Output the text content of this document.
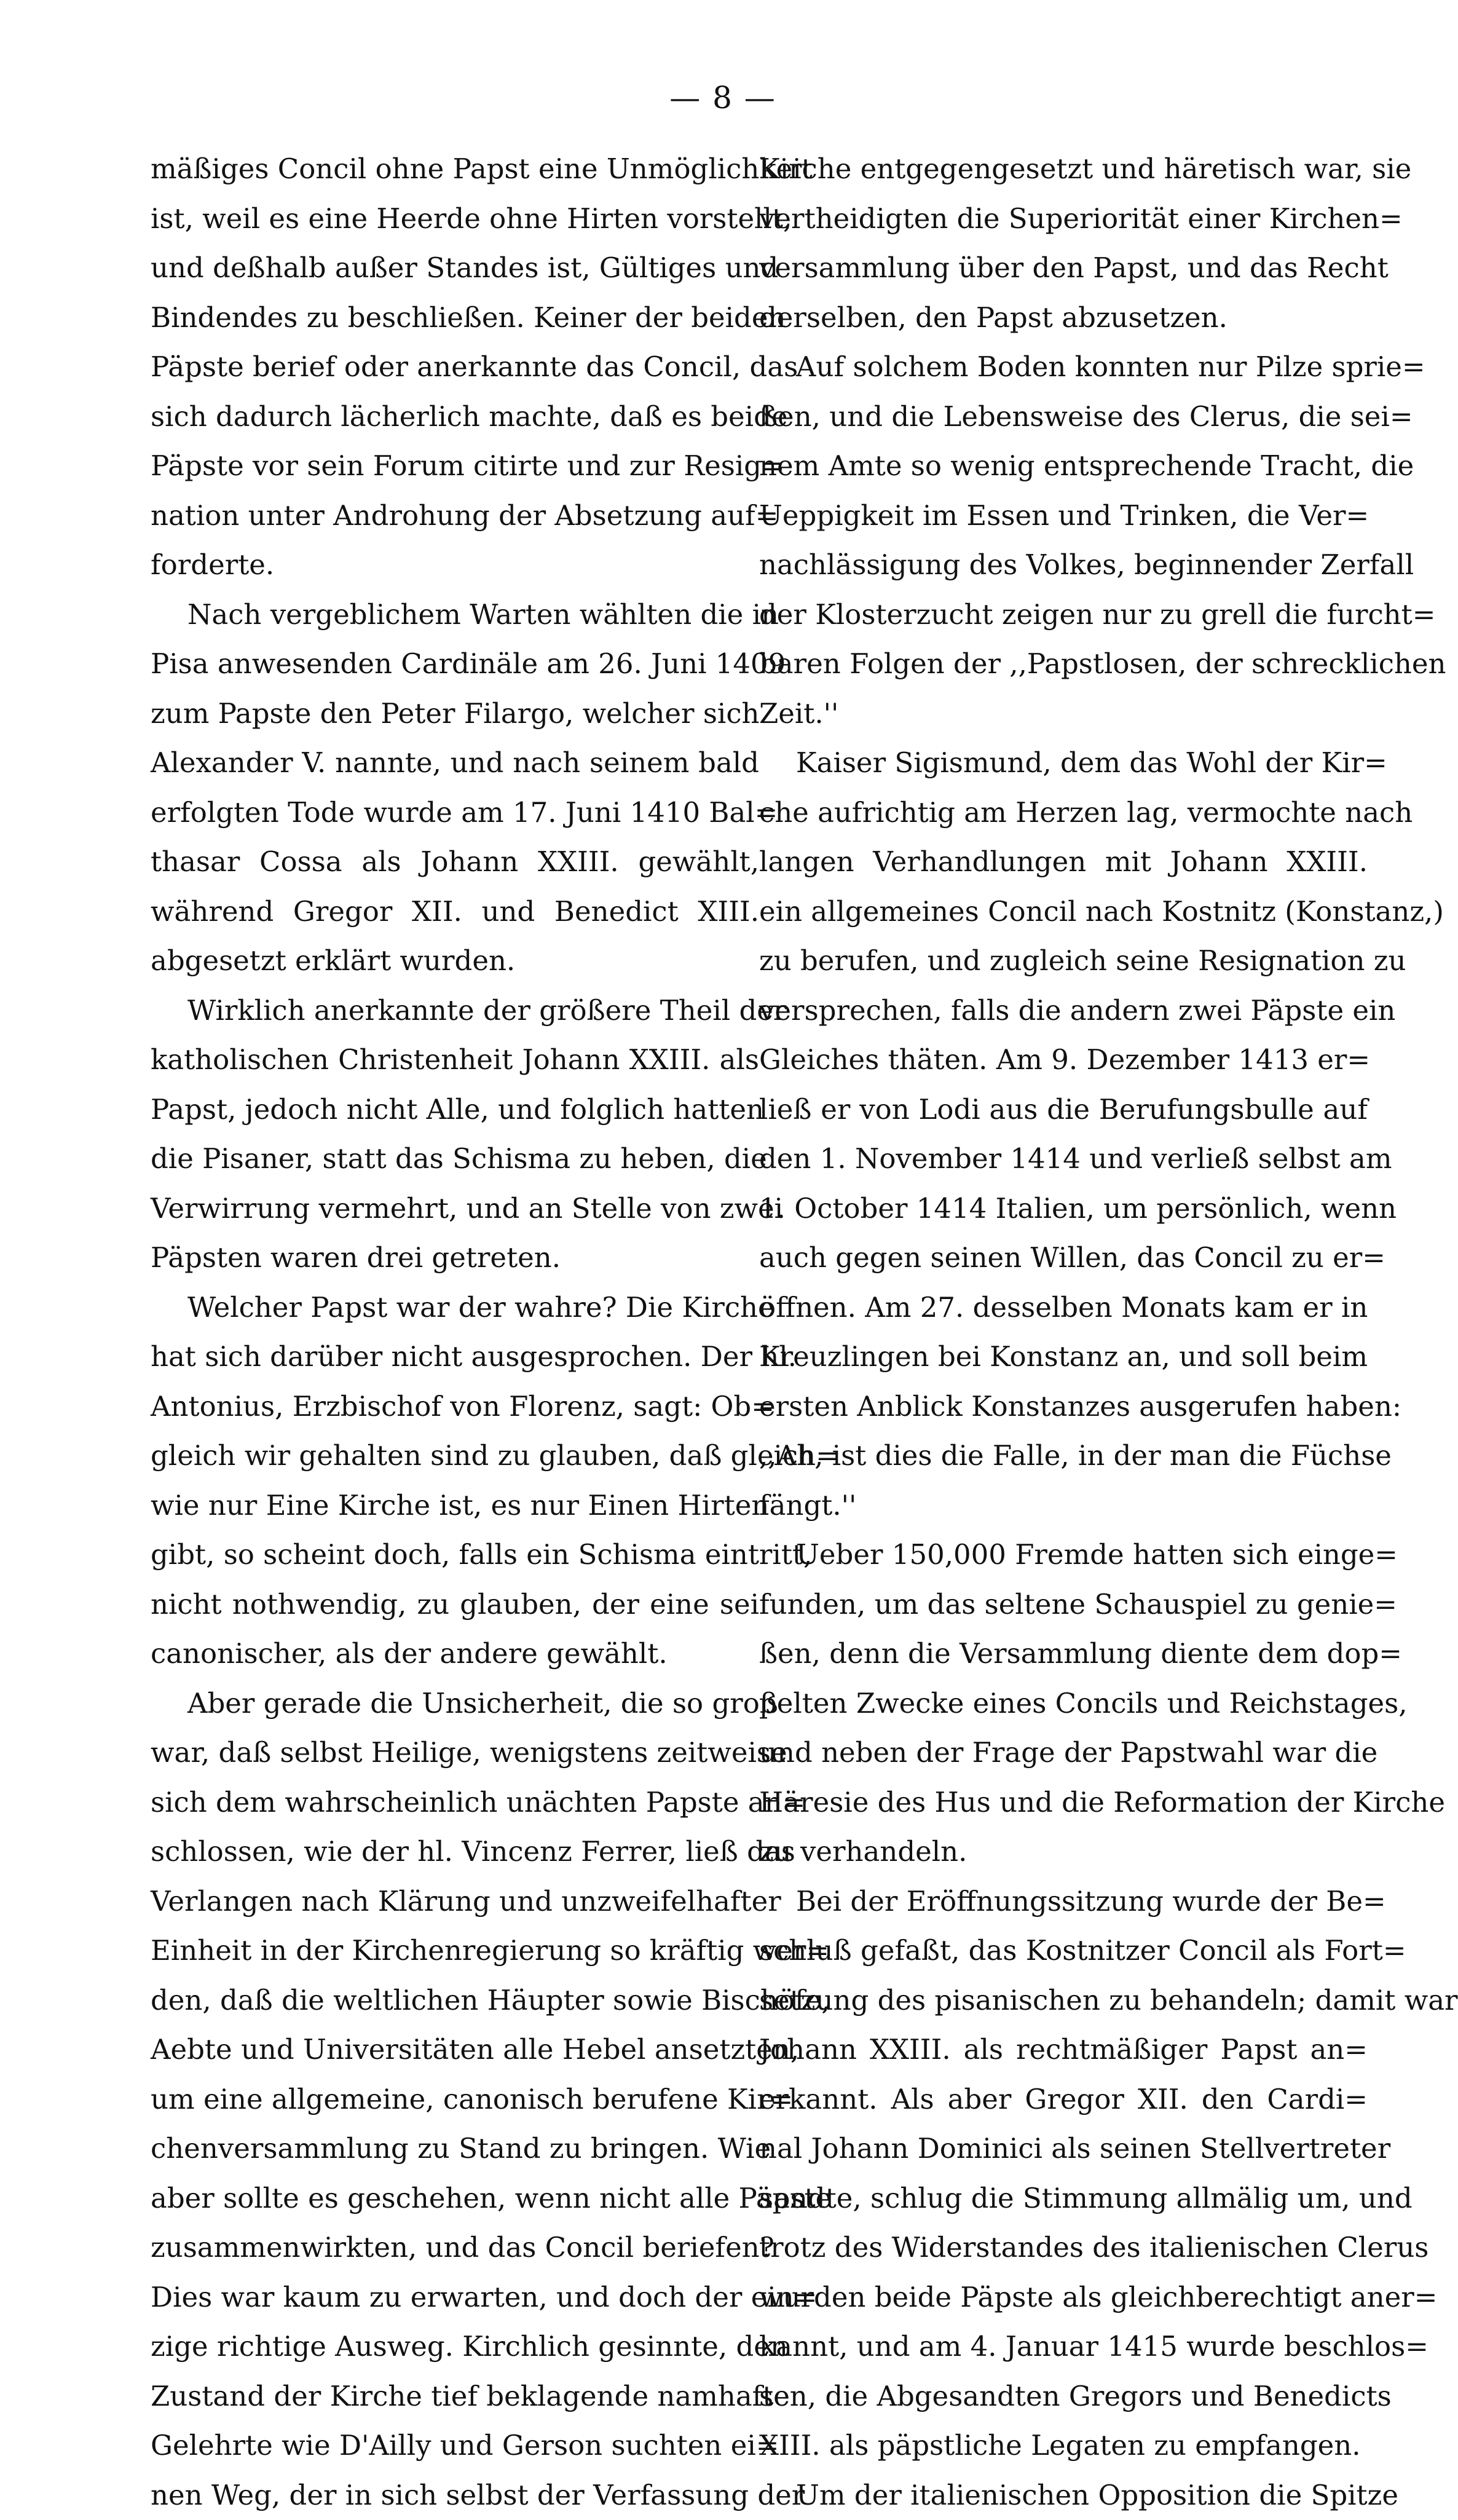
— 8 —
mäßiges Concil ohne Papst eine Unmöglichkeit
ist, weil es eine Heerde ohne Hirten vorstellt,
und deßhalb außer Standes ist, Gültiges und
Bindendes zu beschließen. Keiner der beiden
Päpste berief oder anerkannte das Concil, das
sich dadurch lächerlich machte, daß es beide
Päpste vor sein Forum citirte und zur Resig=
nation unter Androhung der Absetzung auf=
forderte.
Nach vergeblichem Warten wählten die in
Pisa anwesenden Cardinäle am 26. Juni 1409
zum Papste den Peter Filargo, welcher sich
Alexander V. nannte, und nach seinem bald
erfolgten Tode wurde am 17. Juni 1410 Bal=
thasar Cossa als Johann XXIII. gewählt,
während Gregor XII. und Benedict XIII.
abgesetzt erklärt wurden.
Wirklich anerkannte der größere Theil der
katholischen Christenheit Johann XXIII. als
Papst, jedoch nicht Alle, und folglich hatten
die Pisaner, statt das Schisma zu heben, die
Verwirrung vermehrt, und an Stelle von zwei
Päpsten waren drei getreten.
Welcher Papst war der wahre? Die Kirche
hat sich darüber nicht ausgesprochen. Der hl.
Antonius, Erzbischof von Florenz, sagt: Ob=
gleich wir gehalten sind zu glauben, daß gleich=
wie nur Eine Kirche ist, es nur Einen Hirten
gibt, so scheint doch, falls ein Schisma eintritt,
nicht nothwendig, zu glauben, der eine sei
canonischer, als der andere gewählt.
Aber gerade die Unsicherheit, die so groß
war, daß selbst Heilige, wenigstens zeitweise
sich dem wahrscheinlich unächten Papste an=
schlossen, wie der hl. Vincenz Ferrer, ließ das
Verlangen nach Klärung und unzweifelhafter
Einheit in der Kirchenregierung so kräftig wer=
den, daß die weltlichen Häupter sowie Bischöfe,
Aebte und Universitäten alle Hebel ansetzten,
um eine allgemeine, canonisch berufene Kir=
chenversammlung zu Stand zu bringen. Wie
aber sollte es geschehen, wenn nicht alle Päpste
zusammenwirkten, und das Concil beriefen?
Dies war kaum zu erwarten, und doch der ein=
zige richtige Ausweg. Kirchlich gesinnte, den
Zustand der Kirche tief beklagende namhafte
Gelehrte wie D'Ailly und Gerson suchten ei=
nen Weg, der in sich selbst der Verfassung der
Kirche entgegengesetzt und häretisch war, sie
vertheidigten die Superiorität einer Kirchen=
versammlung über den Papst, und das Recht
derselben, den Papst abzusetzen.
Auf solchem Boden konnten nur Pilze sprie=
ßen, und die Lebensweise des Clerus, die sei=
nem Amte so wenig entsprechende Tracht, die
Ueppigkeit im Essen und Trinken, die Ver=
nachlässigung des Volkes, beginnender Zerfall
der Klosterzucht zeigen nur zu grell die furcht=
baren Folgen der ,,Papstlosen, der schrecklichen
Zeit.''
Kaiser Sigismund, dem das Wohl der Kir=
che aufrichtig am Herzen lag, vermochte nach
langen Verhandlungen mit Johann XXIII.
ein allgemeines Concil nach Kostnitz (Konstanz,)
zu berufen, und zugleich seine Resignation zu
versprechen, falls die andern zwei Päpste ein
Gleiches thäten. Am 9. Dezember 1413 er=
ließ er von Lodi aus die Berufungsbulle auf
den 1. November 1414 und verließ selbst am
1. October 1414 Italien, um persönlich, wenn
auch gegen seinen Willen, das Concil zu er=
öffnen. Am 27. desselben Monats kam er in
Kreuzlingen bei Konstanz an, und soll beim
ersten Anblick Konstanzes ausgerufen haben:
,,Ah, ist dies die Falle, in der man die Füchse
fängt.''
Ueber 150,000 Fremde hatten sich einge=
funden, um das seltene Schauspiel zu genie=
ßen, denn die Versammlung diente dem dop=
pelten Zwecke eines Concils und Reichstages,
und neben der Frage der Papstwahl war die
Häresie des Hus und die Reformation der Kirche
zu verhandeln.
Bei der Eröffnungssitzung wurde der Be=
schluß gefaßt, das Kostnitzer Concil als Fort=
setzung des pisanischen zu behandeln; damit war
Johann XXIII. als rechtmäßiger Papst an=
erkannt. Als aber Gregor XII. den Cardi=
nal Johann Dominici als seinen Stellvertreter
sandte, schlug die Stimmung allmälig um, und
trotz des Widerstandes des italienischen Clerus
wurden beide Päpste als gleichberechtigt aner=
kannt, und am 4. Januar 1415 wurde beschlos=
sen, die Abgesandten Gregors und Benedicts
XIII. als päpstliche Legaten zu empfangen.
Um der italienischen Opposition die Spitze
